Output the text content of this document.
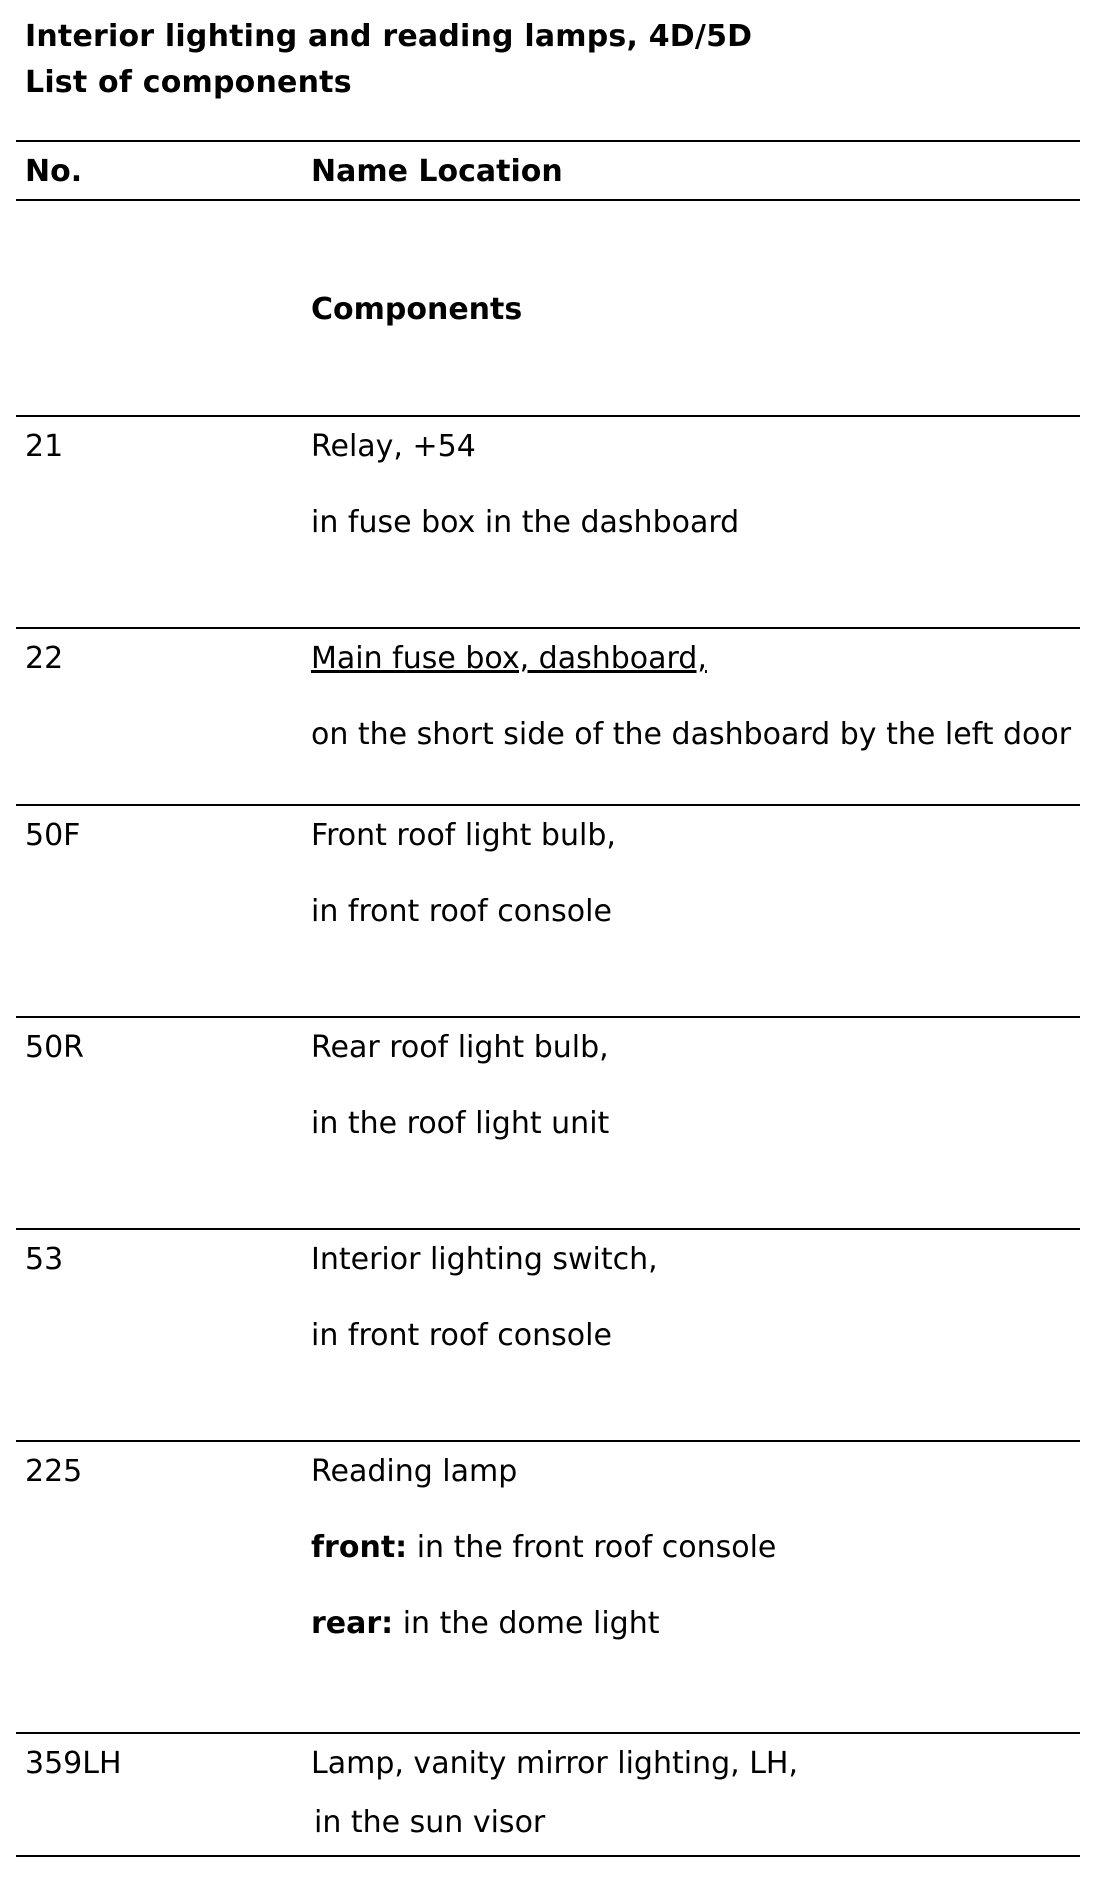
Interior lighting and reading lamps, 4D/5D
List of components
No.	Name Location
Components
21	Relay, +54
in fuse box in the dashboard
22	Main fuse box, dashboard,
on the short side of the dashboard by the left door
50F	Front roof light bulb,
in front roof console
50R	Rear roof light bulb,
in the roof light unit
53	Interior lighting switch,
in front roof console
225	Reading lamp
front: in the front roof console
rear: in the dome light
359LH	Lamp, vanity mirror lighting, LH,
in the sun visor
